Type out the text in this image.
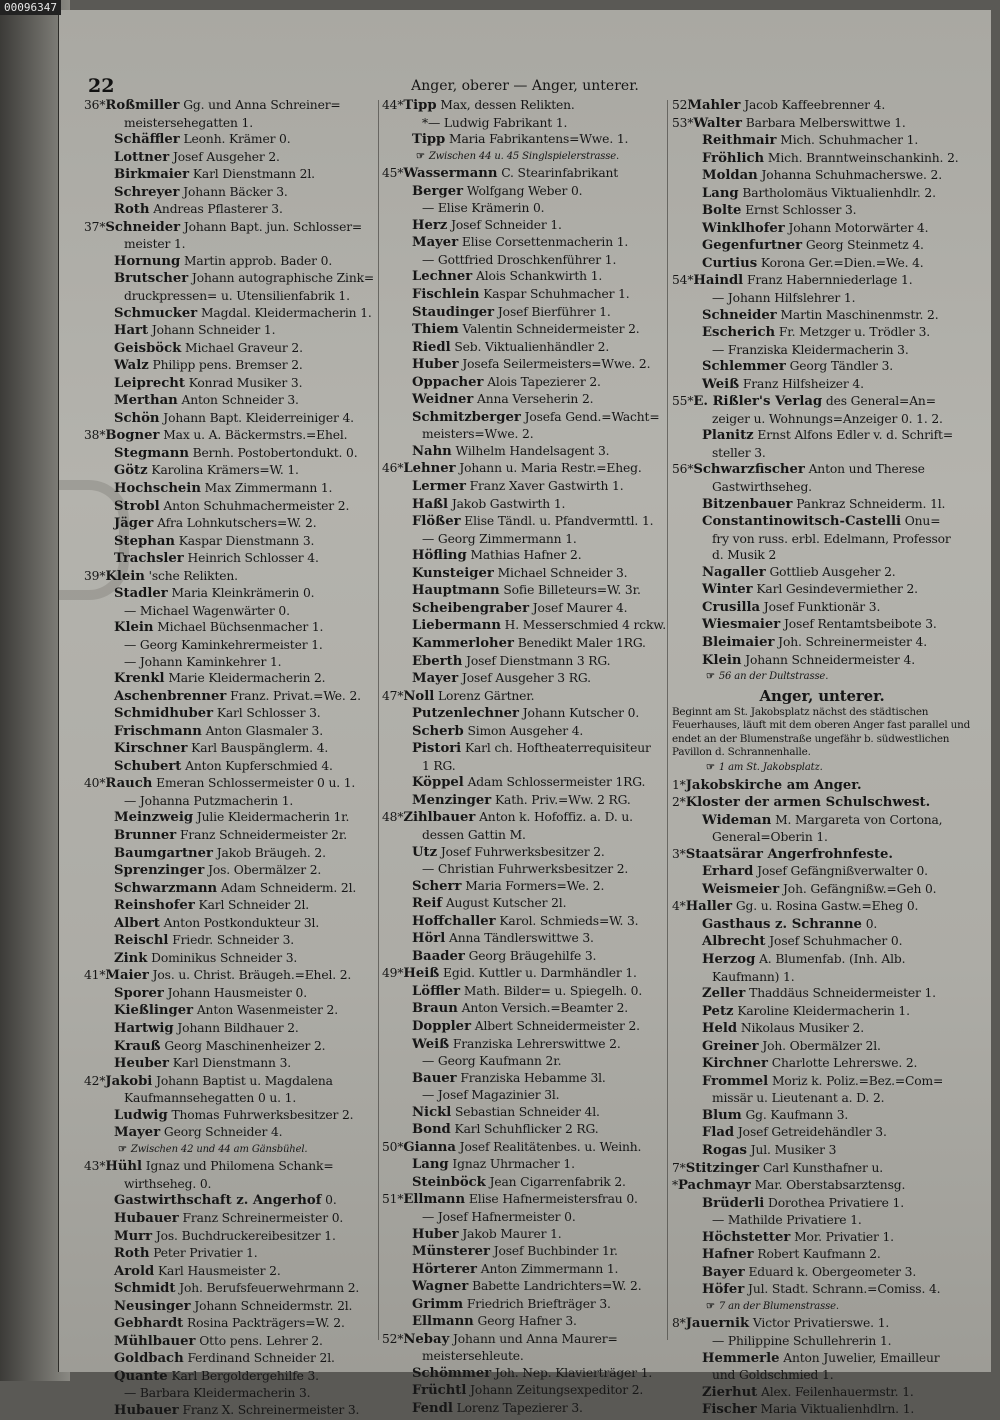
00096347
22	Anger, oberer — Anger, unterer.
36*Roßmiller Gg. und Anna Schreiner=
meistersehegatten 1.
Schäffler Leonh. Krämer 0.
Lottner Josef Ausgeher 2.
Birkmaier Karl Dienstmann 2l.
Schreyer Johann Bäcker 3.
Roth Andreas Pflasterer 3.
37*Schneider Johann Bapt. jun. Schlosser=
meister 1.
Hornung Martin approb. Bader 0.
Brutscher Johann autographische Zink=
druckpressen= u. Utensilienfabrik 1.
Schmucker Magdal. Kleidermacherin 1.
Hart Johann Schneider 1.
Geisböck Michael Graveur 2.
Walz Philipp pens. Bremser 2.
Leiprecht Konrad Musiker 3.
Merthan Anton Schneider 3.
Schön Johann Bapt. Kleiderreiniger 4.
38*Bogner Max u. A. Bäckermstrs.=Ehel.
Stegmann Bernh. Postobertondukt. 0.
Götz Karolina Krämers=W. 1.
Hochschein Max Zimmermann 1.
Strobl Anton Schuhmachermeister 2.
Jäger Afra Lohnkutschers=W. 2.
Stephan Kaspar Dienstmann 3.
Trachsler Heinrich Schlosser 4.
39*Klein 'sche Relikten.
Stadler Maria Kleinkrämerin 0.
— Michael Wagenwärter 0.
Klein Michael Büchsenmacher 1.
— Georg Kaminkehrermeister 1.
— Johann Kaminkehrer 1.
Krenkl Marie Kleidermacherin 2.
Aschenbrenner Franz. Privat.=We. 2.
Schmidhuber Karl Schlosser 3.
Frischmann Anton Glasmaler 3.
Kirschner Karl Bauspänglerm. 4.
Schubert Anton Kupferschmied 4.
40*Rauch Emeran Schlossermeister 0 u. 1.
— Johanna Putzmacherin 1.
Meinzweig Julie Kleidermacherin 1r.
Brunner Franz Schneidermeister 2r.
Baumgartner Jakob Bräugeh. 2.
Sprenzinger Jos. Obermälzer 2.
Schwarzmann Adam Schneiderm. 2l.
Reinshofer Karl Schneider 2l.
Albert Anton Postkondukteur 3l.
Reischl Friedr. Schneider 3.
Zink Dominikus Schneider 3.
41*Maier Jos. u. Christ. Bräugeh.=Ehel. 2.
Sporer Johann Hausmeister 0.
Kießlinger Anton Wasenmeister 2.
Hartwig Johann Bildhauer 2.
Krauß Georg Maschinenheizer 2.
Heuber Karl Dienstmann 3.
42*Jakobi Johann Baptist u. Magdalena
Kaufmannsehegatten 0 u. 1.
Ludwig Thomas Fuhrwerksbesitzer 2.
Mayer Georg Schneider 4.
☞ Zwischen 42 und 44 am Gänsbühel.
43*Hühl Ignaz und Philomena Schank=
wirthseheg. 0.
Gastwirthschaft z. Angerhof 0.
Hubauer Franz Schreinermeister 0.
Murr Jos. Buchdruckereibesitzer 1.
Roth Peter Privatier 1.
Arold Karl Hausmeister 2.
Schmidt Joh. Berufsfeuerwehrmann 2.
Neusinger Johann Schneidermstr. 2l.
Gebhardt Rosina Packträgers=W. 2.
Mühlbauer Otto pens. Lehrer 2.
Goldbach Ferdinand Schneider 2l.
Quante Karl Bergoldergehilfe 3.
— Barbara Kleidermacherin 3.
Hubauer Franz X. Schreinermeister 3.
44*Tipp Max, dessen Relikten.
*— Ludwig Fabrikant 1.
Tipp Maria Fabrikantens=Wwe. 1.
☞ Zwischen 44 u. 45 Singlspielerstrasse.
45*Wassermann C. Stearinfabrikant
Berger Wolfgang Weber 0.
— Elise Krämerin 0.
Herz Josef Schneider 1.
Mayer Elise Corsettenmacherin 1.
— Gottfried Droschkenführer 1.
Lechner Alois Schankwirth 1.
Fischlein Kaspar Schuhmacher 1.
Staudinger Josef Bierführer 1.
Thiem Valentin Schneidermeister 2.
Riedl Seb. Viktualienhändler 2.
Huber Josefa Seilermeisters=Wwe. 2.
Oppacher Alois Tapezierer 2.
Weidner Anna Verseherin 2.
Schmitzberger Josefa Gend.=Wacht=
meisters=Wwe. 2.
Nahn Wilhelm Handelsagent 3.
46*Lehner Johann u. Maria Restr.=Eheg.
Lermer Franz Xaver Gastwirth 1.
Haßl Jakob Gastwirth 1.
Flößer Elise Tändl. u. Pfandvermttl. 1.
— Georg Zimmermann 1.
Höfling Mathias Hafner 2.
Kunsteiger Michael Schneider 3.
Hauptmann Sofie Billeteurs=W. 3r.
Scheibengraber Josef Maurer 4.
Liebermann H. Messerschmied 4 rckw.
Kammerloher Benedikt Maler 1RG.
Eberth Josef Dienstmann 3 RG.
Mayer Josef Ausgeher 3 RG.
47*Noll Lorenz Gärtner.
Putzenlechner Johann Kutscher 0.
Scherb Simon Ausgeher 4.
Pistori Karl ch. Hoftheaterrequisiteur
1 RG.
Köppel Adam Schlossermeister 1RG.
Menzinger Kath. Priv.=Ww. 2 RG.
48*Zihlbauer Anton k. Hofoffiz. a. D. u.
dessen Gattin M.
Utz Josef Fuhrwerksbesitzer 2.
— Christian Fuhrwerksbesitzer 2.
Scherr Maria Formers=We. 2.
Reif August Kutscher 2l.
Hoffchaller Karol. Schmieds=W. 3.
Hörl Anna Tändlerswittwe 3.
Baader Georg Bräugehilfe 3.
49*Heiß Egid. Kuttler u. Darmhändler 1.
Löffler Math. Bilder= u. Spiegelh. 0.
Braun Anton Versich.=Beamter 2.
Doppler Albert Schneidermeister 2.
Weiß Franziska Lehrerswittwe 2.
— Georg Kaufmann 2r.
Bauer Franziska Hebamme 3l.
— Josef Magazinier 3l.
Nickl Sebastian Schneider 4l.
Bond Karl Schuhflicker 2 RG.
50*Gianna Josef Realitätenbes. u. Weinh.
Lang Ignaz Uhrmacher 1.
Steinböck Jean Cigarrenfabrik 2.
51*Ellmann Elise Hafnermeistersfrau 0.
— Josef Hafnermeister 0.
Huber Jakob Maurer 1.
Münsterer Josef Buchbinder 1r.
Hörterer Anton Zimmermann 1.
Wagner Babette Landrichters=W. 2.
Grimm Friedrich Briefträger 3.
Ellmann Georg Hafner 3.
52*Nebay Johann und Anna Maurer=
meistersehleute.
Schömmer Joh. Nep. Klavierträger 1.
Früchtl Johann Zeitungsexpeditor 2.
Fendl Lorenz Tapezierer 3.
52Mahler Jacob Kaffeebrenner 4.
53*Walter Barbara Melberswittwe 1.
Reithmair Mich. Schuhmacher 1.
Fröhlich Mich. Branntweinschankinh. 2.
Moldan Johanna Schuhmacherswe. 2.
Lang Bartholomäus Viktualienhdlr. 2.
Bolte Ernst Schlosser 3.
Winklhofer Johann Motorwärter 4.
Gegenfurtner Georg Steinmetz 4.
Curtius Korona Ger.=Dien.=We. 4.
54*Haindl Franz Habernniederlage 1.
— Johann Hilfslehrer 1.
Schneider Martin Maschinenmstr. 2.
Escherich Fr. Metzger u. Trödler 3.
— Franziska Kleidermacherin 3.
Schlemmer Georg Tändler 3.
Weiß Franz Hilfsheizer 4.
55*E. Rißler's Verlag des General=An=
zeiger u. Wohnungs=Anzeiger 0. 1. 2.
Planitz Ernst Alfons Edler v. d. Schrift=
steller 3.
56*Schwarzfischer Anton und Therese
Gastwirthseheg.
Bitzenbauer Pankraz Schneiderm. 1l.
Constantinowitsch-Castelli Onu=
fry von russ. erbl. Edelmann, Professor
d. Musik 2
Nagaller Gottlieb Ausgeher 2.
Winter Karl Gesindevermiether 2.
Crusilla Josef Funktionär 3.
Wiesmaier Josef Rentamtsbeibote 3.
Bleimaier Joh. Schreinermeister 4.
Klein Johann Schneidermeister 4.
☞ 56 an der Dultstrasse.
Anger, unterer.
Beginnt am St. Jakobsplatz nächst des städtischen Feuerhauses, läuft mit dem oberen Anger fast parallel und endet an der Blumenstraße ungefähr b. südwestlichen Pavillon d. Schrannenhalle.
☞ 1 am St. Jakobsplatz.
1*Jakobskirche am Anger.
2*Kloster der armen Schulschwest.
Wideman M. Margareta von Cortona,
General=Oberin 1.
3*Staatsärar Angerfrohnfeste.
Erhard Josef Gefängnißverwalter 0.
Weismeier Joh. Gefängnißw.=Geh 0.
4*Haller Gg. u. Rosina Gastw.=Eheg 0.
Gasthaus z. Schranne 0.
Albrecht Josef Schuhmacher 0.
Herzog A. Blumenfab. (Inh. Alb.
Kaufmann) 1.
Zeller Thaddäus Schneidermeister 1.
Petz Karoline Kleidermacherin 1.
Held Nikolaus Musiker 2.
Greiner Joh. Obermälzer 2l.
Kirchner Charlotte Lehrerswe. 2.
Frommel Moriz k. Poliz.=Bez.=Com=
missär u. Lieutenant a. D. 2.
Blum Gg. Kaufmann 3.
Flad Josef Getreidehändler 3.
Rogas Jul. Musiker 3
7*Stitzinger Carl Kunsthafner u.
*Pachmayr Mar. Oberstabsarztensg.
Brüderli Dorothea Privatiere 1.
— Mathilde Privatiere 1.
Höchstetter Mor. Privatier 1.
Hafner Robert Kaufmann 2.
Bayer Eduard k. Obergeometer 3.
Höfer Jul. Stadt. Schrann.=Comiss. 4.
☞ 7 an der Blumenstrasse.
8*Jauernik Victor Privatierswe. 1.
— Philippine Schullehrerin 1.
Hemmerle Anton Juwelier, Emailleur
und Goldschmied 1.
Zierhut Alex. Feilenhauermstr. 1.
Fischer Maria Viktualienhdlrn. 1.
